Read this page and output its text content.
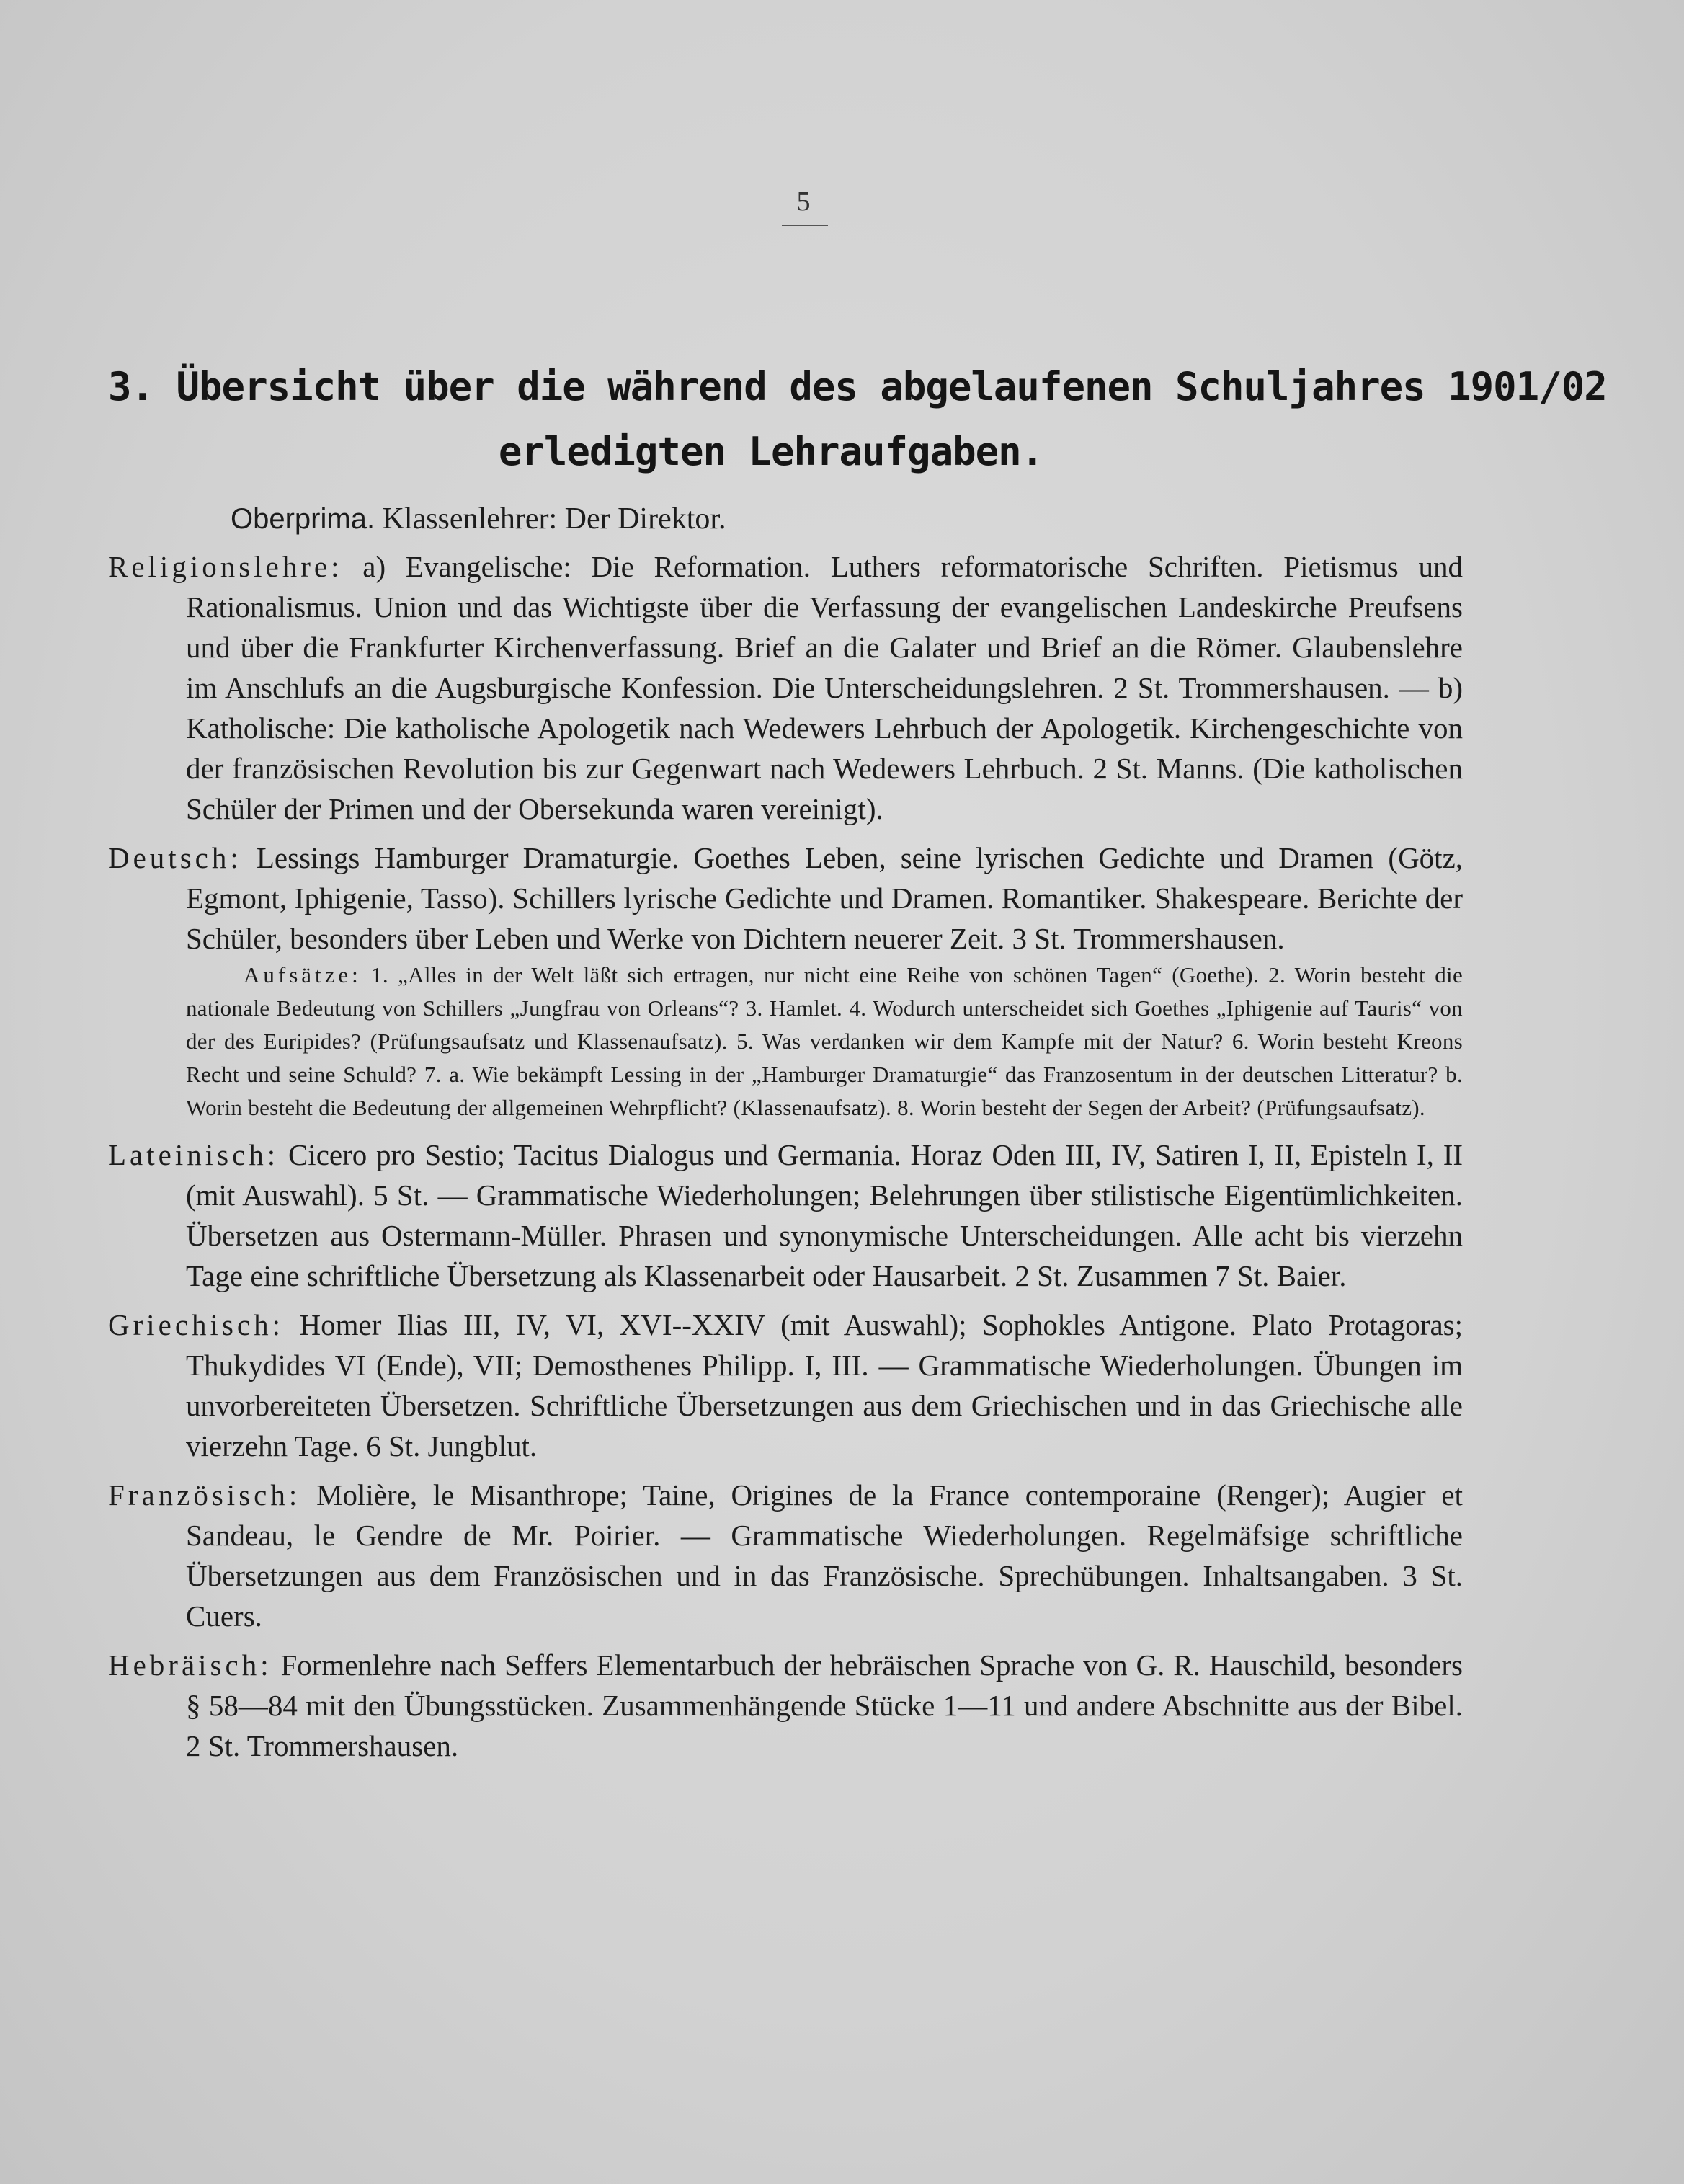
5
3. Übersicht über die während des abgelaufenen Schuljahres 1901/02
erledigten Lehraufgaben.
Oberprima. Klassenlehrer: Der Direktor.

Religionslehre: a) Evangelische: Die Reformation. Luthers reformatorische Schriften. Pietismus und Rationalismus. Union und das Wichtigste über die Verfassung der evangelischen Landeskirche Preufsens und über die Frankfurter Kirchenverfassung. Brief an die Galater und Brief an die Römer. Glaubenslehre im Anschlufs an die Augsburgische Konfession. Die Unterscheidungslehren. 2 St. Trommershausen. — b) Katholische: Die katholische Apologetik nach Wedewers Lehrbuch der Apologetik. Kirchengeschichte von der französischen Revolution bis zur Gegenwart nach Wedewers Lehrbuch. 2 St. Manns. (Die katholischen Schüler der Primen und der Obersekunda waren vereinigt).

Deutsch: Lessings Hamburger Dramaturgie. Goethes Leben, seine lyrischen Gedichte und Dramen (Götz, Egmont, Iphigenie, Tasso). Schillers lyrische Gedichte und Dramen. Romantiker. Shakespeare. Berichte der Schüler, besonders über Leben und Werke von Dichtern neuerer Zeit. 3 St. Trommershausen.

Aufsätze: 1. „Alles in der Welt läßt sich ertragen, nur nicht eine Reihe von schönen Tagen“ (Goethe). 2. Worin besteht die nationale Bedeutung von Schillers „Jungfrau von Orleans“? 3. Hamlet. 4. Wodurch unterscheidet sich Goethes „Iphigenie auf Tauris“ von der des Euripides? (Prüfungsaufsatz und Klassenaufsatz). 5. Was verdanken wir dem Kampfe mit der Natur? 6. Worin besteht Kreons Recht und seine Schuld? 7. a. Wie bekämpft Lessing in der „Hamburger Dramaturgie“ das Franzosentum in der deutschen Litteratur? b. Worin besteht die Bedeutung der allgemeinen Wehrpflicht? (Klassenaufsatz). 8. Worin besteht der Segen der Arbeit? (Prüfungsaufsatz).

Lateinisch: Cicero pro Sestio; Tacitus Dialogus und Germania. Horaz Oden III, IV, Satiren I, II, Episteln I, II (mit Auswahl). 5 St. — Grammatische Wiederholungen; Belehrungen über stilistische Eigentümlichkeiten. Übersetzen aus Ostermann-Müller. Phrasen und synonymische Unterscheidungen. Alle acht bis vierzehn Tage eine schriftliche Übersetzung als Klassenarbeit oder Hausarbeit. 2 St. Zusammen 7 St. Baier.

Griechisch: Homer Ilias III, IV, VI, XVI--XXIV (mit Auswahl); Sophokles Antigone. Plato Protagoras; Thukydides VI (Ende), VII; Demosthenes Philipp. I, III. — Grammatische Wiederholungen. Übungen im unvorbereiteten Übersetzen. Schriftliche Übersetzungen aus dem Griechischen und in das Griechische alle vierzehn Tage. 6 St. Jungblut.

Französisch: Molière, le Misanthrope; Taine, Origines de la France contemporaine (Renger); Augier et Sandeau, le Gendre de Mr. Poirier. — Grammatische Wiederholungen. Regelmäfsige schriftliche Übersetzungen aus dem Französischen und in das Französische. Sprechübungen. Inhaltsangaben. 3 St. Cuers.

Hebräisch: Formenlehre nach Seffers Elementarbuch der hebräischen Sprache von G. R. Hauschild, besonders § 58—84 mit den Übungsstücken. Zusammenhängende Stücke 1—11 und andere Abschnitte aus der Bibel. 2 St. Trommershausen.
